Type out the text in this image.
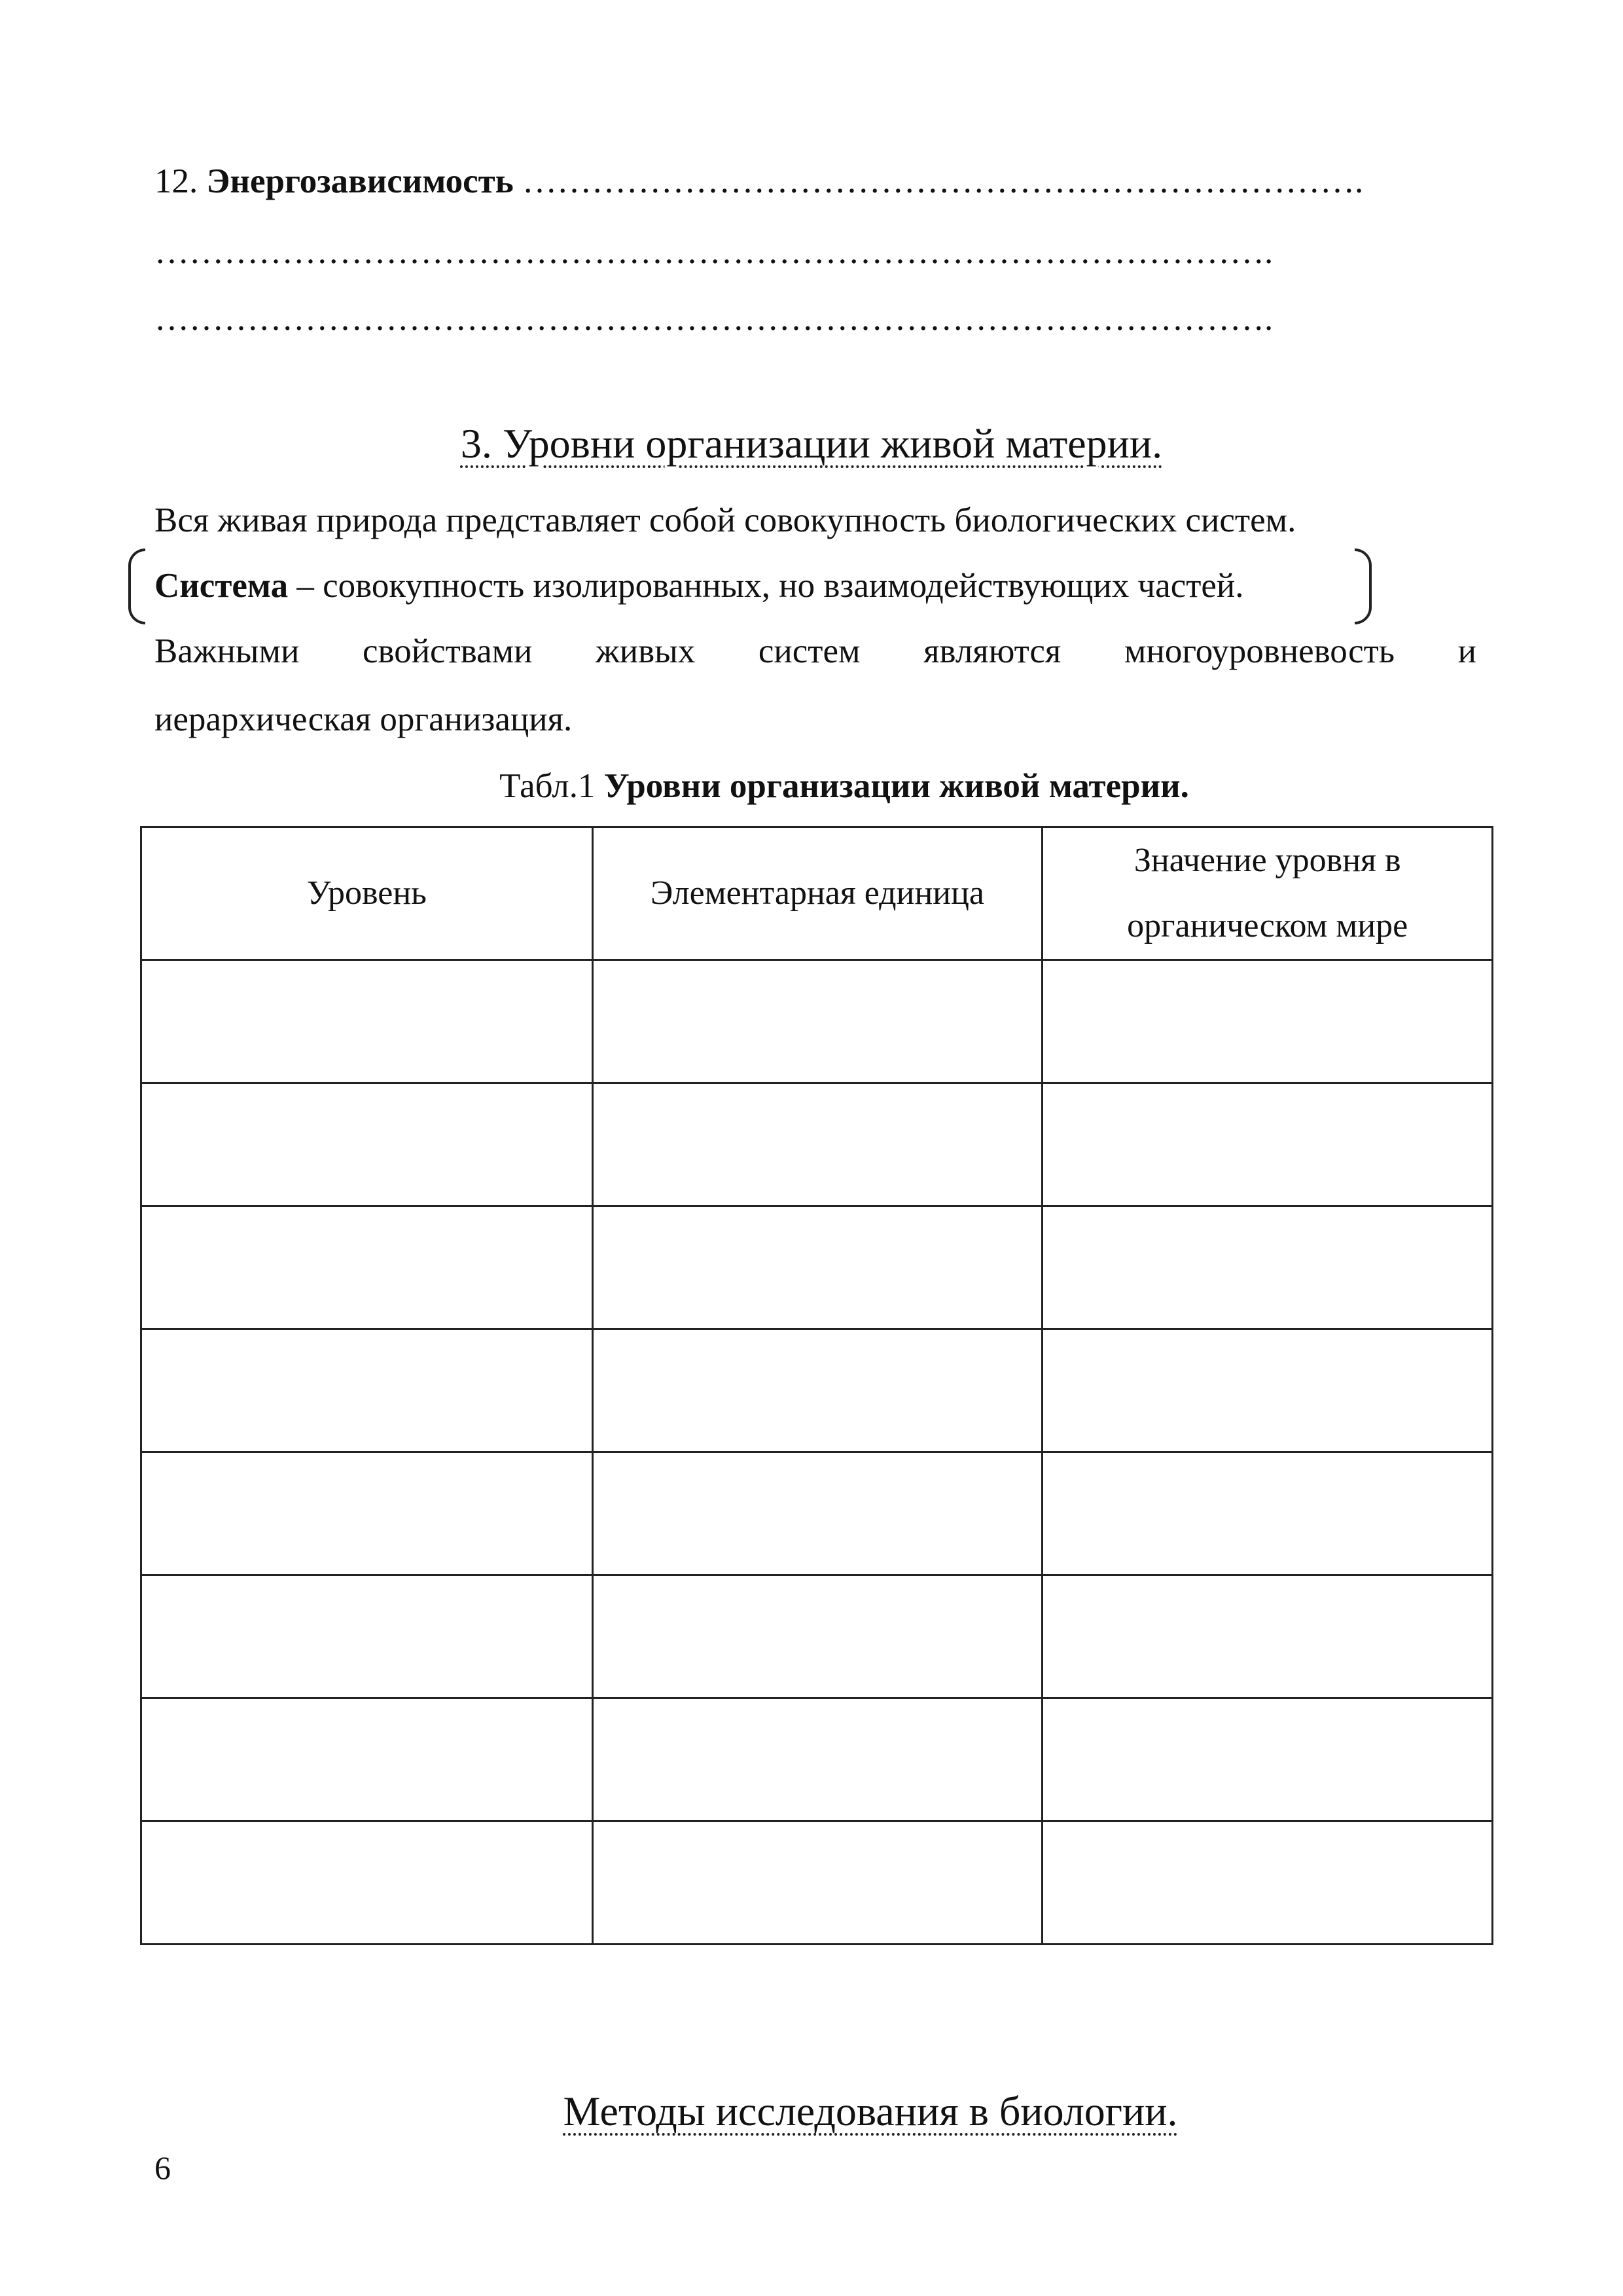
12. Энергозависимость ……………………………………………………………….
…………………………………………………………………………………….
…………………………………………………………………………………….
3. Уровни организации живой материи.
Вся живая природа представляет собой совокупность биологических систем.
Система – совокупность изолированных, но взаимодействующих частей.
Важными свойствами живых систем являются многоуровневость и
иерархическая организация.
Табл.1 Уровни организации живой материи.
Уровень	Элементарная единица	Значение уровня в органическом мире

Методы исследования в биологии.
6
